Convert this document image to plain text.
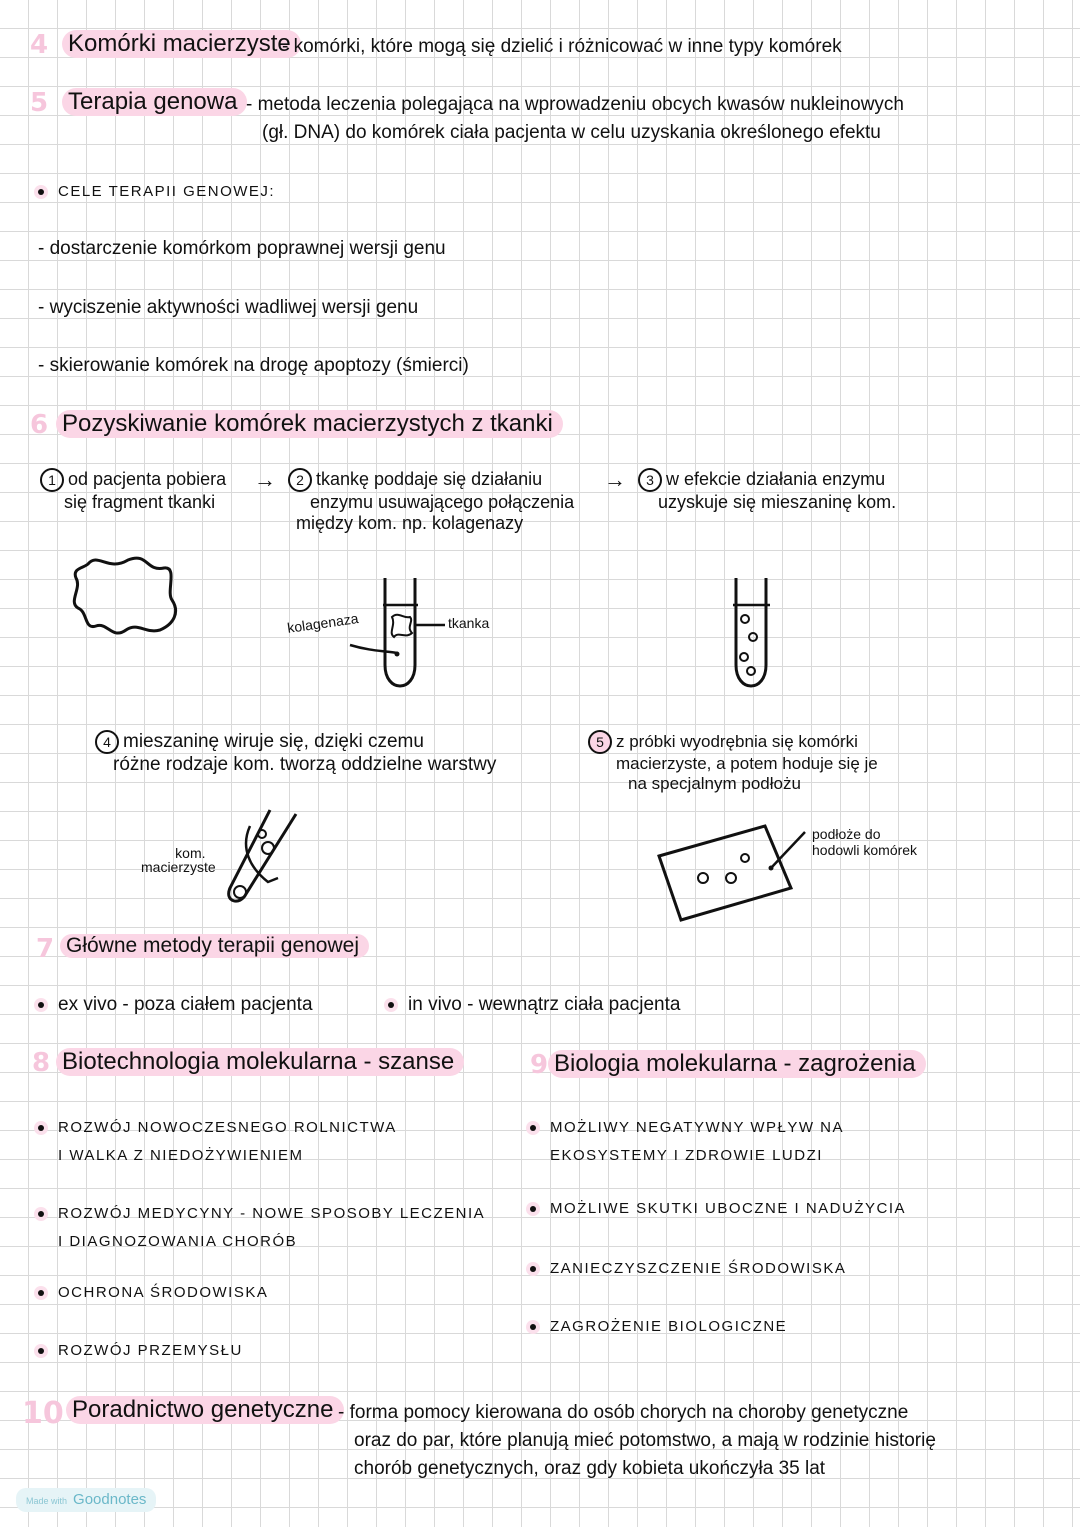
4 Komórki macierzyste
- komórki, które mogą się dzielić i różnicować w inne typy komórek
5 Terapia genowa - metoda leczenia polegająca na wprowadzeniu obcych kwasów nukleinowych
(gł. DNA) do komórek ciała pacjenta w celu uzyskania określonego efektu
CELE TERAPII GENOWEJ:
- dostarczenie komórkom poprawnej wersji genu
- wyciszenie aktywności wadliwej wersji genu
- skierowanie komórek na drogę apoptozy (śmierci)
6 Pozyskiwanie komórek macierzystych z tkanki
1 od pacjenta pobiera
się fragment tkanki
→	2 tkankę poddaje się działaniu
enzymu usuwającego połączenia
między kom. np. kolagenazy
→	3 w efekcie działania enzymu
uzyskuje się mieszaninę kom.
kolagenaza	tkanka
4 mieszaninę wiruje się, dzięki czemu
różne rodzaje kom. tworzą oddzielne warstwy
5 z próbki wyodrębnia się komórki
macierzyste, a potem hoduje się je
na specjalnym podłożu
kom.
macierzyste
podłoże do
hodowli komórek
7 Główne metody terapii genowej
ex vivo - poza ciałem pacjenta	in vivo - wewnątrz ciała pacjenta
8 Biotechnologia molekularna - szanse
ROZWÓJ NOWOCZESNEGO ROLNICTWA
I WALKA Z NIEDOŻYWIENIEM
ROZWÓJ MEDYCYNY - NOWE SPOSOBY LECZENIA
I DIAGNOZOWANIA CHORÓB
OCHRONA ŚRODOWISKA
ROZWÓJ PRZEMYSŁU
9 Biologia molekularna - zagrożenia
MOŻLIWY NEGATYWNY WPŁYW NA
EKOSYSTEMY I ZDROWIE LUDZI
MOŻLIWE SKUTKI UBOCZNE I NADUŻYCIA
ZANIECZYSZCZENIE ŚRODOWISKA
ZAGROŻENIE BIOLOGICZNE
10 Poradnictwo genetyczne - forma pomocy kierowana do osób chorych na choroby genetyczne
oraz do par, które planują mieć potomstwo, a mają w rodzinie historię
chorób genetycznych, oraz gdy kobieta ukończyła 35 lat
Made with Goodnotes
